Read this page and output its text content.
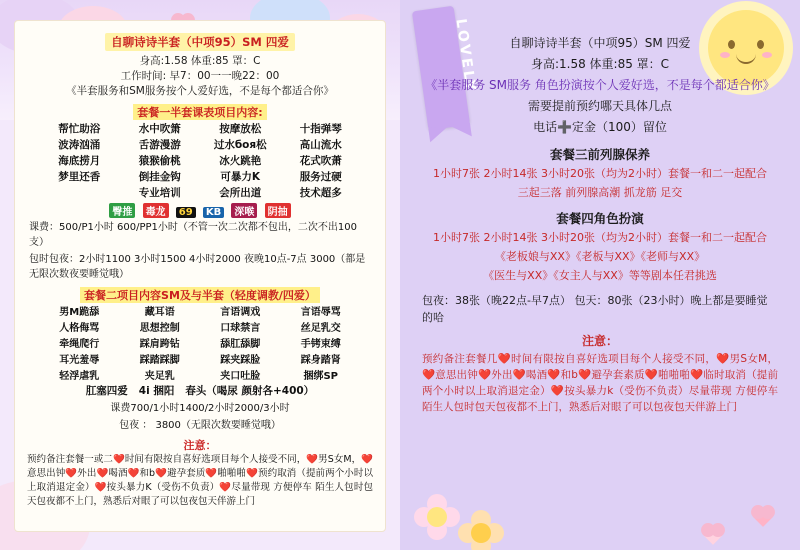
自聊诗诗半套（中项95）SM 四爱
身高:1.58 体重:85 罩：C
工作时间: 早7：00一一晚22：00
《半套服务和SM服务按个人爱好选，不是每个都适合你》
套餐一半套课表项目内容:
帮忙助浴	水中吹箫	按摩放松	十指弹琴
波涛汹涌	舌游漫游	过水боя松	高山流水
海底捞月	猿猴偷桃	冰火跳艳	花式吹萧
梦里还香	倒挂金钩	可暴力K	服务过硬
专业培训	会所出道	技术超多
臀推 毒龙 69 KB 深喉 阴抽
课费：500/P1小时 600/PP1小时（不管一次二次都不包出，二次不出100支）
包时包夜：2小时1100 3小时1500 4小时2000 夜晚10点-7点 3000（都是无限次数夜要睡觉哦）
套餐二项目内容SM及与半套（轻度调教/四爱）
男M跪舔	藏耳语	言语调戏	言语辱骂
人格侮骂	思想控制	口球禁言	丝足乳交
牵绳爬行	踩肩跨钻	舔肛舔脚	手铐束缚
耳光羞辱	踩踏踩脚	踩夹踩脸	踩身踏肾
轻浮虐乳	夹足乳	夹口吐脸	捆绑SP
肛塞四爱 4i 捆阳 春头（喝尿 颜射各+400）
课费700/1小时1400/2小时2000/3小时
包夜 ： 3800（无限次数要睡觉哦）
注意：
预约备注套餐一或二❤️时间有限按自喜好选项目每个人接受不同，❤️男S女M，❤️意思出钟❤️外出❤️喝酒❤️和b❤️避孕套质❤️啪啪啪❤️预约取消（提前两个小时以上取消退定金）❤️按头暴力K（受伤不负责）❤️尽量带现 方便停车 陌生人包时包天包夜都不上门，熟悉后对眼了可以包夜包天伴游上门
LOVELY	自聊诗诗半套（中项95）SM 四爱
身高:1.58 体重:85 罩：C
《半套服务 SM服务 角色扮演按个人爱好选，不是每个都适合你》
需要提前预约哪天具体几点
电话➕定金（100）留位
套餐三前列腺保养
1小时7张 2小时14张 3小时20张（均为2小时）套餐一和二一起配合
三起三落 前列腺高潮 抓龙筋 足交
套餐四角色扮演
1小时7张 2小时14张 3小时20张（均为2小时）套餐一和二一起配合
《老板娘与XX》《老板与XX》《老师与XX》
《医生与XX》《女主人与XX》等等剧本任君挑选
包夜：38张（晚22点-早7点） 包天：80张（23小时）晚上都是要睡觉的哈
注意：
预约备注套餐几❤️时间有限按自喜好选项目每个人接受不同，❤️男S女M，❤️意思出钟❤️外出❤️喝酒❤️和b❤️避孕套素质❤️啪啪啪❤️临时取消（提前两个小时以上取消退定金）❤️按头暴力k（受伤不负责）尽量带现 方便停车 陌生人包时包天包夜都不上门，熟悉后对眼了可以包夜包天伴游上门
